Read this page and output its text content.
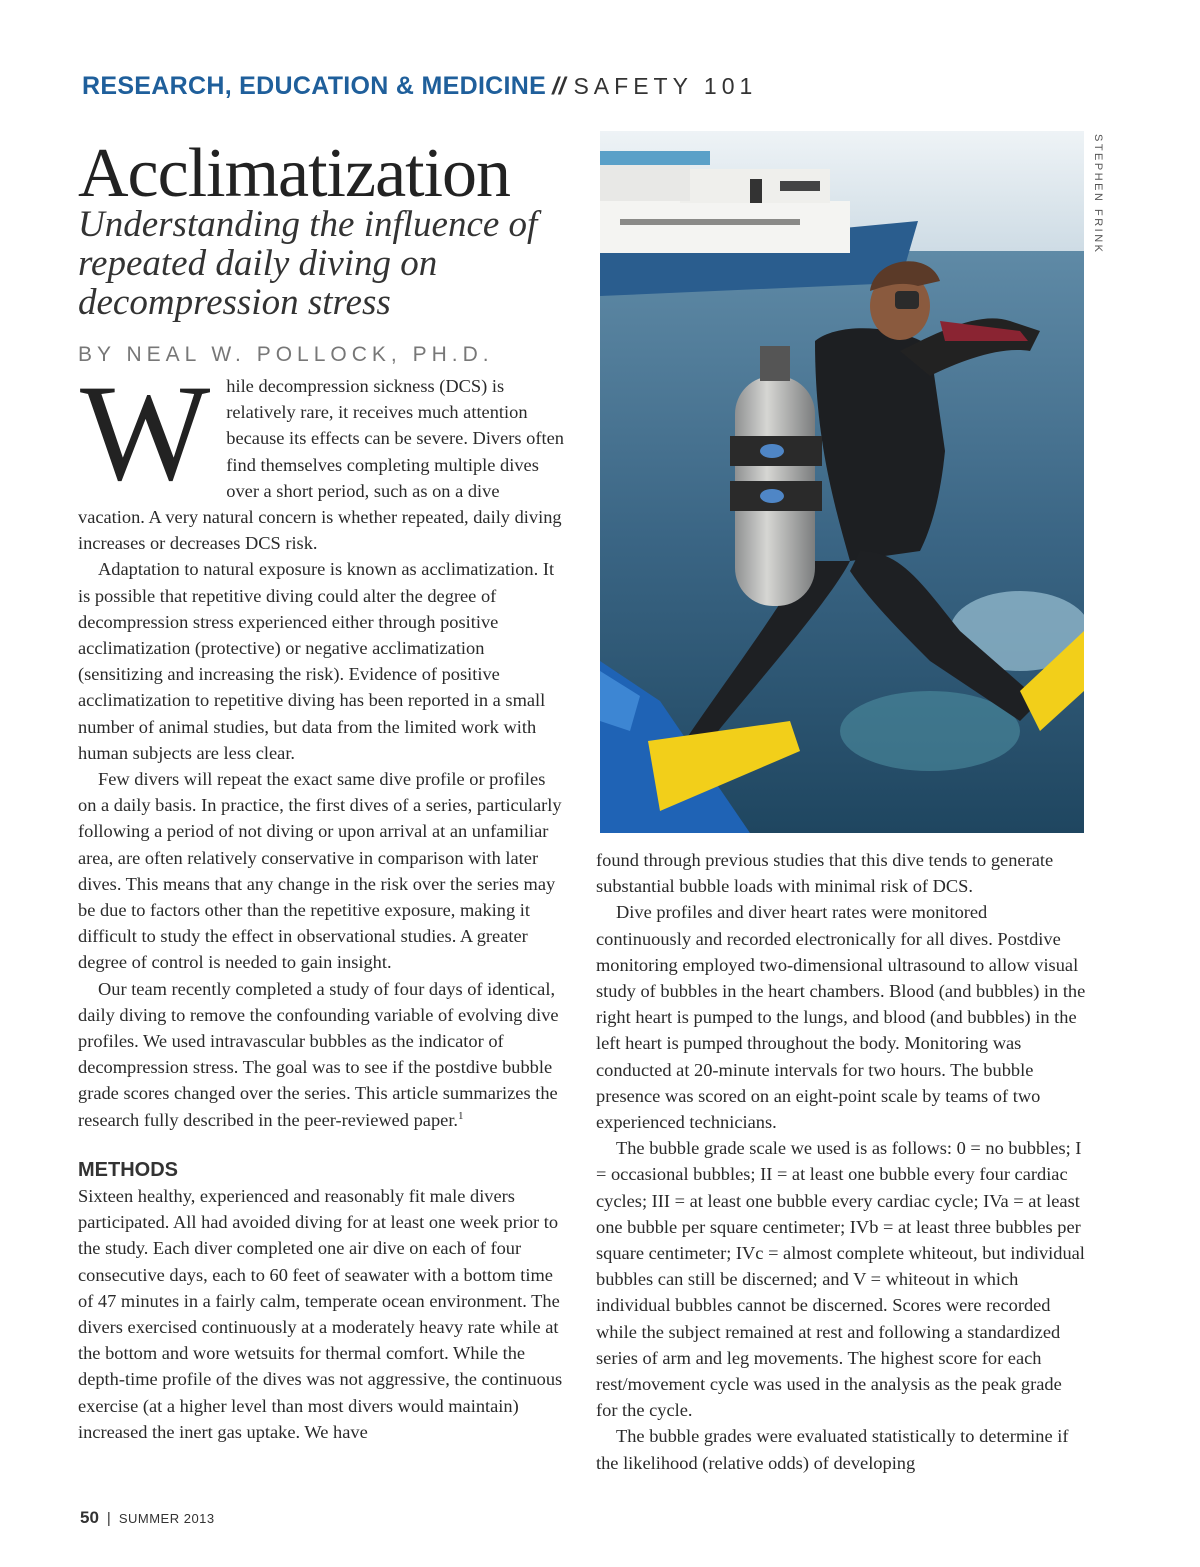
RESEARCH, EDUCATION & MEDICINE // SAFETY 101
Acclimatization
Understanding the influence of repeated daily diving on decompression stress
BY NEAL W. POLLOCK, PH.D.
W hile decompression sickness (DCS) is relatively rare, it receives much attention because its effects can be severe. Divers often find themselves completing multiple dives over a short period, such as on a dive vacation. A very natural concern is whether repeated, daily diving increases or decreases DCS risk.

Adaptation to natural exposure is known as acclimatization. It is possible that repetitive diving could alter the degree of decompression stress experienced either through positive acclimatization (protective) or negative acclimatization (sensitizing and increasing the risk). Evidence of positive acclimatization to repetitive diving has been reported in a small number of animal studies, but data from the limited work with human subjects are less clear.

Few divers will repeat the exact same dive profile or profiles on a daily basis. In practice, the first dives of a series, particularly following a period of not diving or upon arrival at an unfamiliar area, are often relatively conservative in comparison with later dives. This means that any change in the risk over the series may be due to factors other than the repetitive exposure, making it difficult to study the effect in observational studies. A greater degree of control is needed to gain insight.

Our team recently completed a study of four days of identical, daily diving to remove the confounding variable of evolving dive profiles. We used intravascular bubbles as the indicator of decompression stress. The goal was to see if the postdive bubble grade scores changed over the series. This article summarizes the research fully described in the peer-reviewed paper.$^1$

METHODS

Sixteen healthy, experienced and reasonably fit male divers participated. All had avoided diving for at least one week prior to the study. Each diver completed one air dive on each of four consecutive days, each to 60 feet of seawater with a bottom time of 47 minutes in a fairly calm, temperate ocean environment. The divers exercised continuously at a moderately heavy rate while at the bottom and wore wetsuits for thermal comfort. While the depth-time profile of the dives was not aggressive, the continuous exercise (at a higher level than most divers would maintain) increased the inert gas uptake. We have

STEPHEN FRINK

found through previous studies that this dive tends to generate substantial bubble loads with minimal risk of DCS.

Dive profiles and diver heart rates were monitored continuously and recorded electronically for all dives. Postdive monitoring employed two-dimensional ultrasound to allow visual study of bubbles in the heart chambers. Blood (and bubbles) in the right heart is pumped to the lungs, and blood (and bubbles) in the left heart is pumped throughout the body. Monitoring was conducted at 20-minute intervals for two hours. The bubble presence was scored on an eight-point scale by teams of two experienced technicians.

The bubble grade scale we used is as follows: 0 = no bubbles; I = occasional bubbles; II = at least one bubble every four cardiac cycles; III = at least one bubble every cardiac cycle; IVa = at least one bubble per square centimeter; IVb = at least three bubbles per square centimeter; IVc = almost complete whiteout, but individual bubbles can still be discerned; and V = whiteout in which individual bubbles cannot be discerned. Scores were recorded while the subject remained at rest and following a standardized series of arm and leg movements. The highest score for each rest/movement cycle was used in the analysis as the peak grade for the cycle.

The bubble grades were evaluated statistically to determine if the likelihood (relative odds) of developing

50 | SUMMER 2013
